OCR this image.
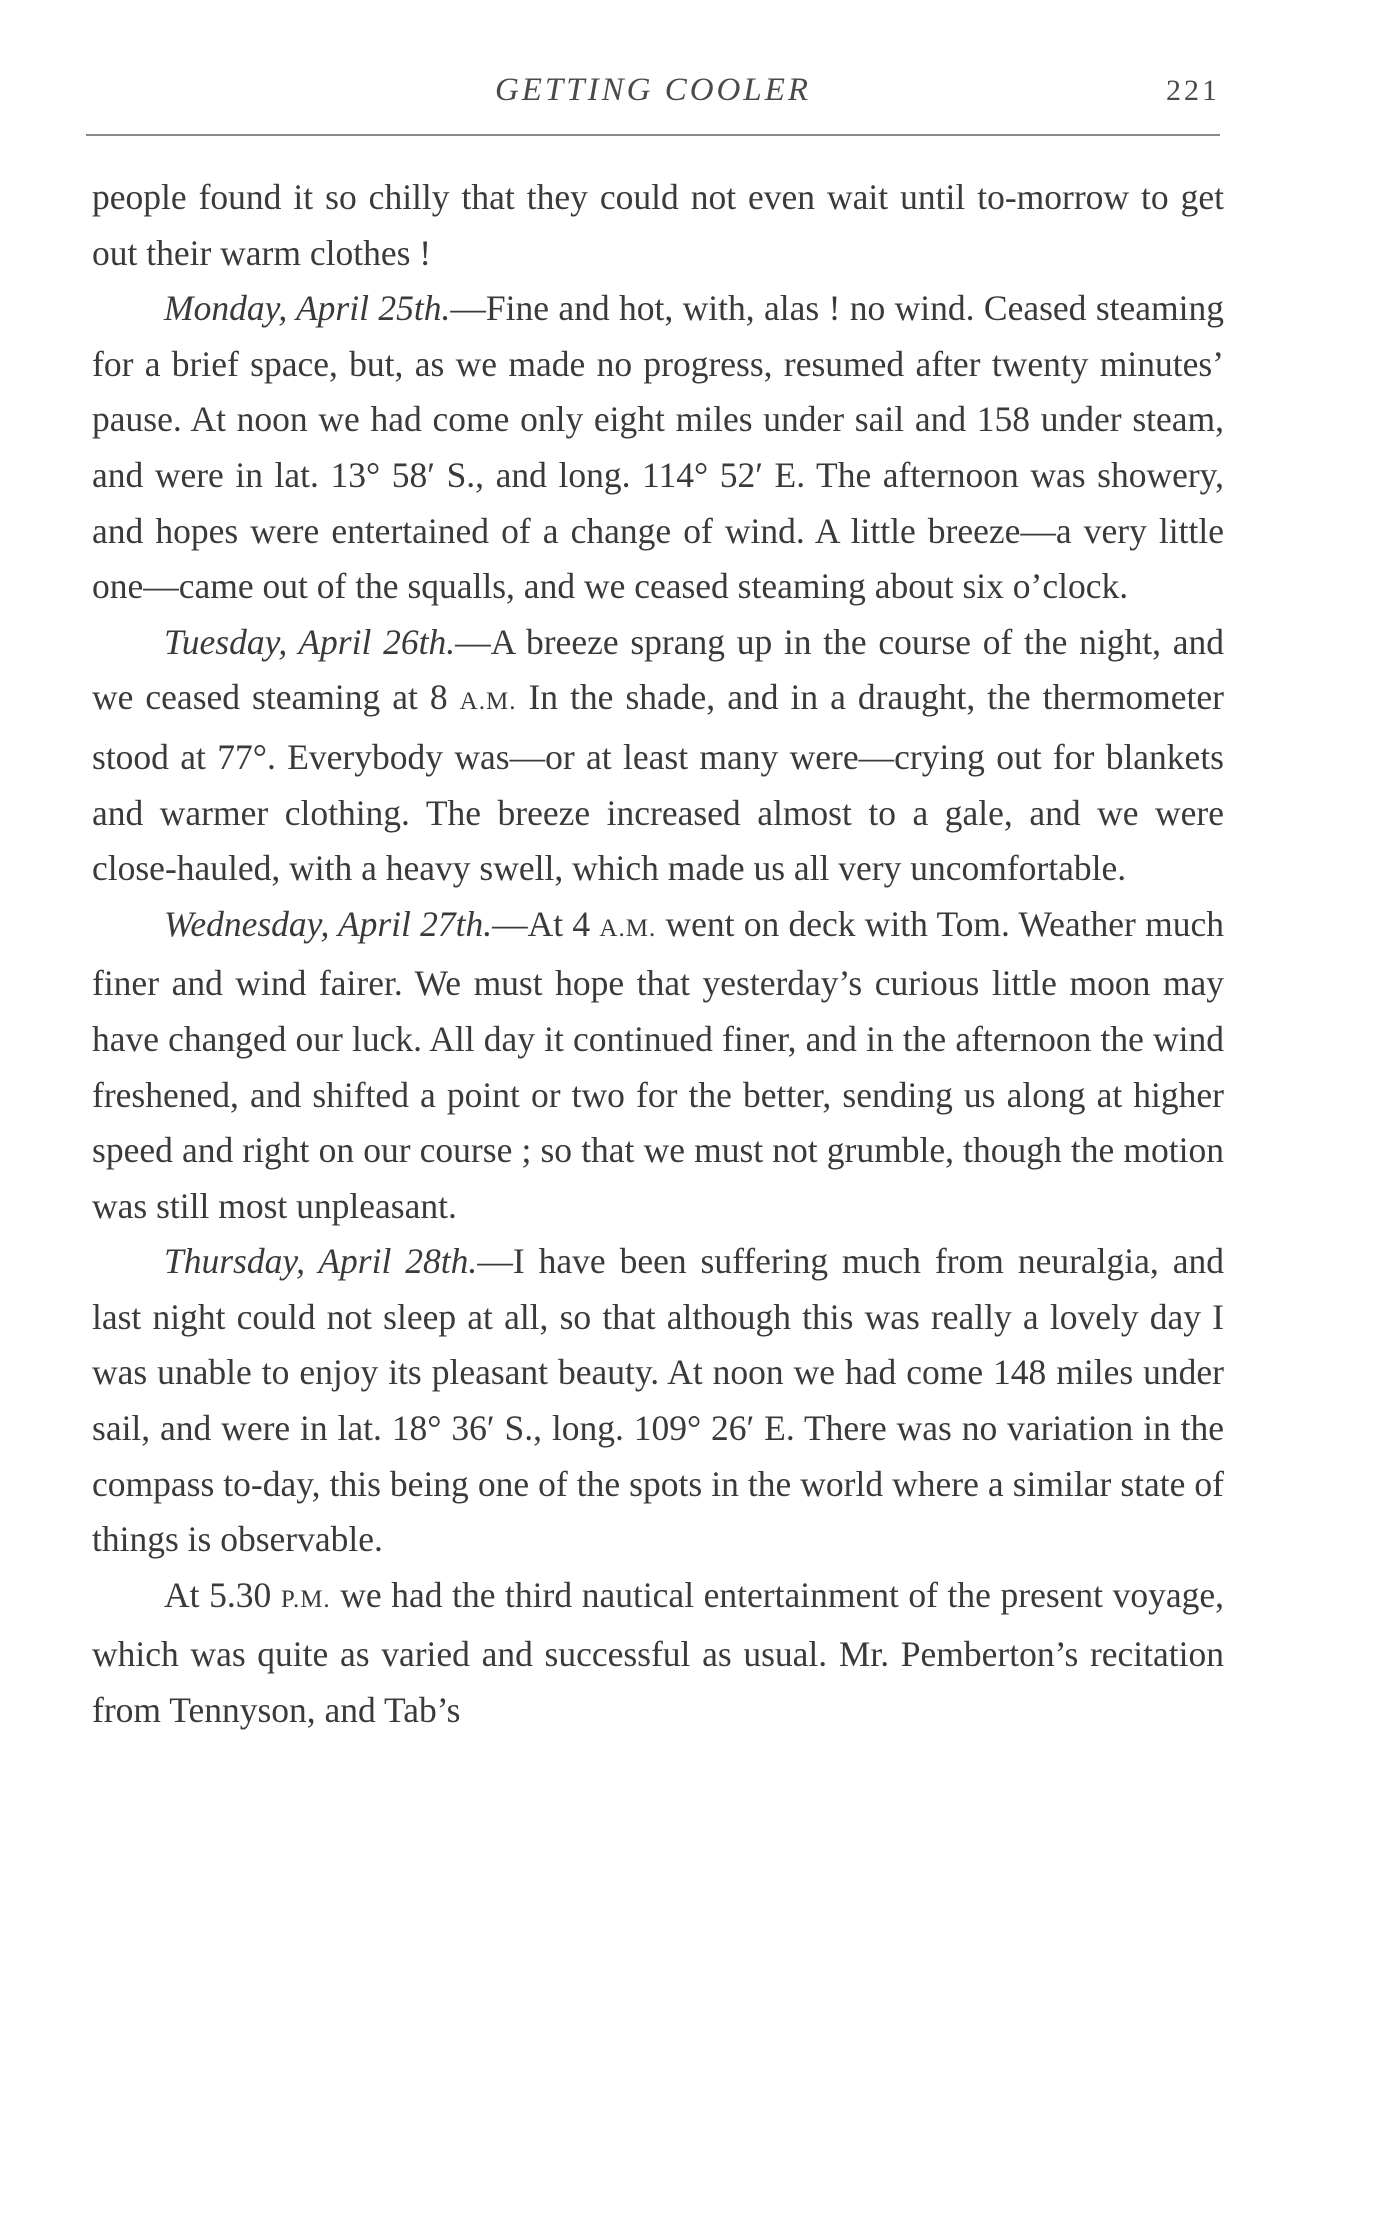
GETTING COOLER	221

people found it so chilly that they could not even wait until to-morrow to get out their warm clothes !

Monday, April 25th.—Fine and hot, with, alas ! no wind. Ceased steaming for a brief space, but, as we made no progress, resumed after twenty minutes’ pause. At noon we had come only eight miles under sail and 158 under steam, and were in lat. 13° 58′ S., and long. 114° 52′ E. The afternoon was showery, and hopes were entertained of a change of wind. A little breeze—a very little one—came out of the squalls, and we ceased steaming about six o’clock.

Tuesday, April 26th.—A breeze sprang up in the course of the night, and we ceased steaming at 8 A.M. In the shade, and in a draught, the thermometer stood at 77°. Everybody was—or at least many were—crying out for blankets and warmer clothing. The breeze increased almost to a gale, and we were close-hauled, with a heavy swell, which made us all very uncomfortable.

Wednesday, April 27th.—At 4 A.M. went on deck with Tom. Weather much finer and wind fairer. We must hope that yesterday’s curious little moon may have changed our luck. All day it continued finer, and in the afternoon the wind freshened, and shifted a point or two for the better, sending us along at higher speed and right on our course ; so that we must not grumble, though the motion was still most unpleasant.

Thursday, April 28th.—I have been suffering much from neuralgia, and last night could not sleep at all, so that although this was really a lovely day I was unable to enjoy its pleasant beauty. At noon we had come 148 miles under sail, and were in lat. 18° 36′ S., long. 109° 26′ E. There was no variation in the compass to-day, this being one of the spots in the world where a similar state of things is observable.

At 5.30 P.M. we had the third nautical entertainment of the present voyage, which was quite as varied and successful as usual. Mr. Pemberton’s recitation from Tennyson, and Tab’s
